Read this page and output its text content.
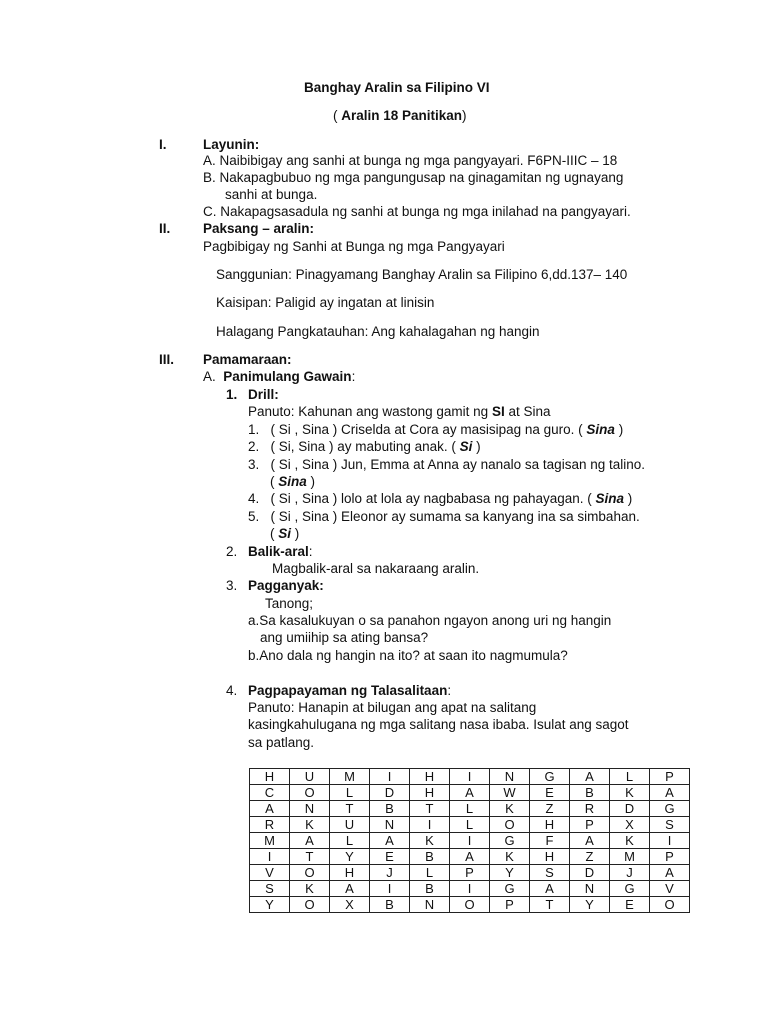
Banghay Aralin sa Filipino VI
( Aralin 18 Panitikan)
I.	Layunin:
A. Naibibigay ang sanhi at bunga ng mga pangyayari. F6PN-IIIC – 18
B. Nakapagbubuo ng mga pangungusap na ginagamitan ng ugnayang
sanhi at bunga.
C. Nakapagsasadula ng sanhi at bunga ng mga inilahad na pangyayari.
II. Paksang – aralin:
Pagbibigay ng Sanhi at Bunga ng mga Pangyayari
Sanggunian: Pinagyamang Banghay Aralin sa Filipino 6,dd.137– 140
Kaisipan: Paligid ay ingatan at linisin
Halagang Pangkatauhan: Ang kahalagahan ng hangin
III. Pamamaraan:
A. Panimulang Gawain:
1. Drill:
Panuto: Kahunan ang wastong gamit ng SI at Sina
1. ( Si , Sina ) Criselda at Cora ay masisipag na guro. ( Sina )
2. ( Si, Sina ) ay mabuting anak. ( Si )
3. ( Si , Sina ) Jun, Emma at Anna ay nanalo sa tagisan ng talino.
( Sina )
4. ( Si , Sina ) lolo at lola ay nagbabasa ng pahayagan. ( Sina )
5. ( Si , Sina ) Eleonor ay sumama sa kanyang ina sa simbahan.
( Si )
2. Balik-aral:
Magbalik-aral sa nakaraang aralin.
3. Pagganyak:
Tanong;
a.Sa kasalukuyan o sa panahon ngayon anong uri ng hangin
ang umiihip sa ating bansa?
b.Ano dala ng hangin na ito? at saan ito nagmumula?
4. Pagpapayaman ng Talasalitaan:
Panuto: Hanapin at bilugan ang apat na salitang
kasingkahulugana ng mga salitang nasa ibaba. Isulat ang sagot
sa patlang.
H	U	M	I	H	I	N	G	A	L	P
C	O	L	D	H	A	W	E	B	K	A
A	N	T	B	T	L	K	Z	R	D	G
R	K	U	N	I	L	O	H	P	X	S
M	A	L	A	K	I	G	F	A	K	I
I	T	Y	E	B	A	K	H	Z	M	P
V	O	H	J	L	P	Y	S	D	J	A
S	K	A	I	B	I	G	A	N	G	V
Y	O	X	B	N	O	P	T	Y	E	O
